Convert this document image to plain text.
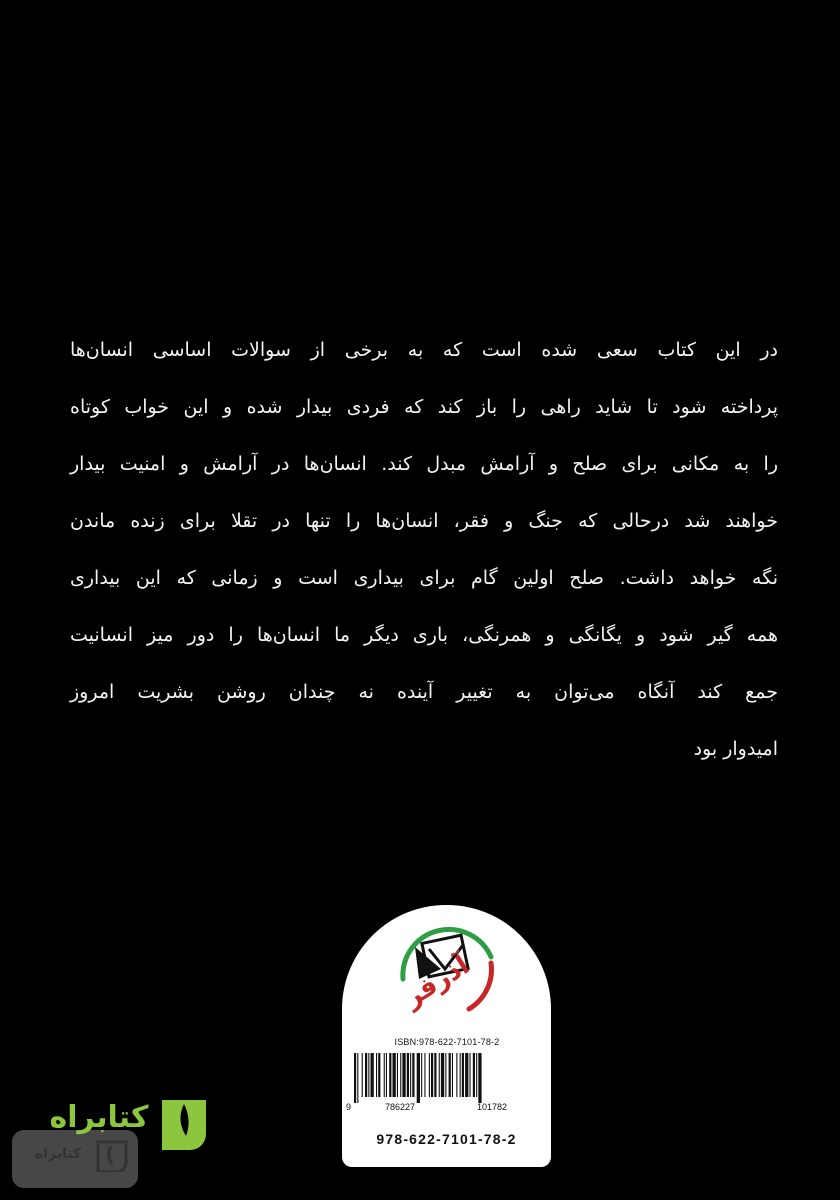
در این کتاب سعی شده است که به برخی از سوالات اساسی انسان‌ها
پرداخته شود تا شاید راهی را باز کند که فردی بیدار شده و این خواب کوتاه
را به مکانی برای صلح و آرامش مبدل کند. انسان‌ها در آرامش و امنیت بیدار
خواهند شد درحالی که جنگ و فقر، انسان‌ها را تنها در تقلا برای زنده ماندن
نگه خواهد داشت. صلح اولین گام برای بیداری است و زمانی که این بیداری
همه گیر شود و یگانگی و همرنگی، باری دیگر ما انسان‌ها را دور میز انسانیت
جمع کند آنگاه می‌توان به تغییر آینده نه چندان روشن بشریت امروز
امیدوار بود
آذرفر
ISBN:978-622-7101-78-2
9	786227	101782
978-622-7101-78-2
کتابراه
کتابراه
